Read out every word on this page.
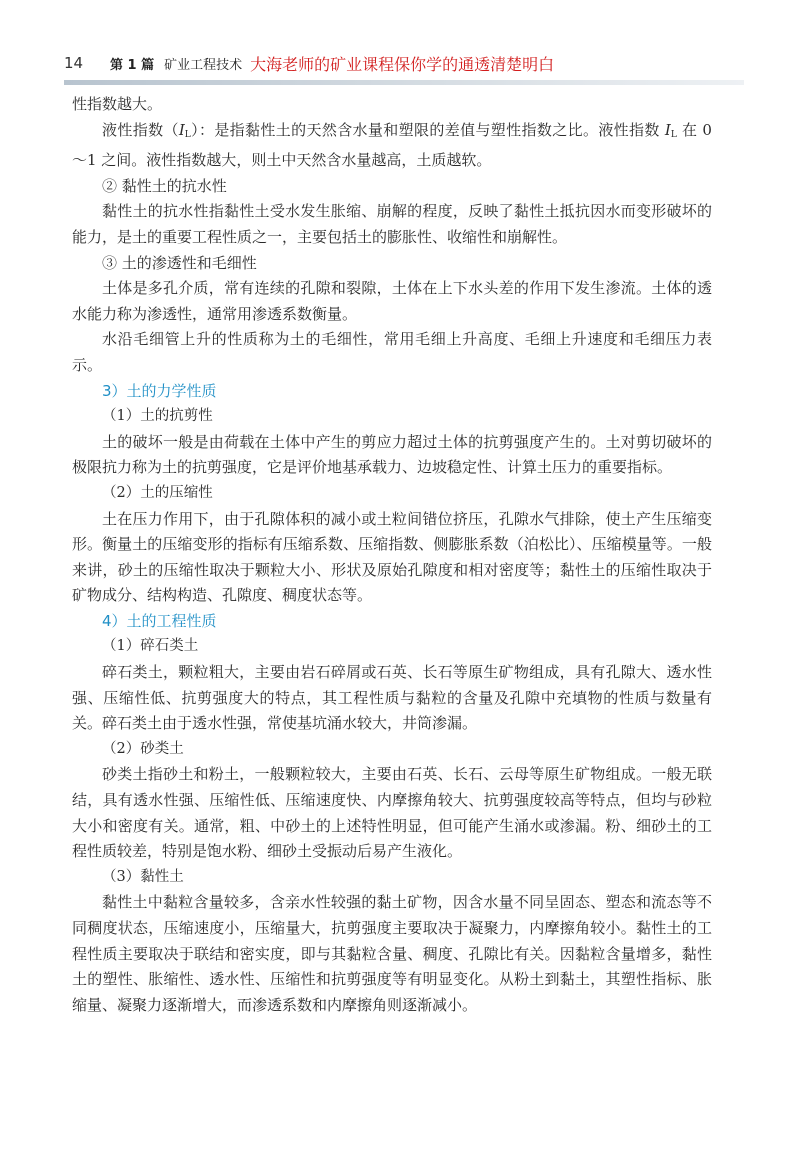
14	第 1 篇 矿业工程技术 大海老师的矿业课程保你学的通透清楚明白

性指数越大。

液性指数（IL）：是指黏性土的天然含水量和塑限的差值与塑性指数之比。液性指数 IL 在 0～1 之间。液性指数越大，则土中天然含水量越高，土质越软。

② 黏性土的抗水性

黏性土的抗水性指黏性土受水发生胀缩、崩解的程度，反映了黏性土抵抗因水而变形破坏的能力，是土的重要工程性质之一，主要包括土的膨胀性、收缩性和崩解性。

③ 土的渗透性和毛细性

土体是多孔介质，常有连续的孔隙和裂隙，土体在上下水头差的作用下发生渗流。土体的透水能力称为渗透性，通常用渗透系数衡量。

水沿毛细管上升的性质称为土的毛细性，常用毛细上升高度、毛细上升速度和毛细压力表示。

3）土的力学性质

（1）土的抗剪性

土的破坏一般是由荷载在土体中产生的剪应力超过土体的抗剪强度产生的。土对剪切破坏的极限抗力称为土的抗剪强度，它是评价地基承载力、边坡稳定性、计算土压力的重要指标。

（2）土的压缩性

土在压力作用下，由于孔隙体积的减小或土粒间错位挤压，孔隙水气排除，使土产生压缩变形。衡量土的压缩变形的指标有压缩系数、压缩指数、侧膨胀系数（泊松比）、压缩模量等。一般来讲，砂土的压缩性取决于颗粒大小、形状及原始孔隙度和相对密度等；黏性土的压缩性取决于矿物成分、结构构造、孔隙度、稠度状态等。

4）土的工程性质

（1）碎石类土

碎石类土，颗粒粗大，主要由岩石碎屑或石英、长石等原生矿物组成，具有孔隙大、透水性强、压缩性低、抗剪强度大的特点，其工程性质与黏粒的含量及孔隙中充填物的性质与数量有关。碎石类土由于透水性强，常使基坑涌水较大，井筒渗漏。

（2）砂类土

砂类土指砂土和粉土，一般颗粒较大，主要由石英、长石、云母等原生矿物组成。一般无联结，具有透水性强、压缩性低、压缩速度快、内摩擦角较大、抗剪强度较高等特点，但均与砂粒大小和密度有关。通常，粗、中砂土的上述特性明显，但可能产生涌水或渗漏。粉、细砂土的工程性质较差，特别是饱水粉、细砂土受振动后易产生液化。

（3）黏性土

黏性土中黏粒含量较多，含亲水性较强的黏土矿物，因含水量不同呈固态、塑态和流态等不同稠度状态，压缩速度小，压缩量大，抗剪强度主要取决于凝聚力，内摩擦角较小。黏性土的工程性质主要取决于联结和密实度，即与其黏粒含量、稠度、孔隙比有关。因黏粒含量增多，黏性土的塑性、胀缩性、透水性、压缩性和抗剪强度等有明显变化。从粉土到黏土，其塑性指标、胀缩量、凝聚力逐渐增大，而渗透系数和内摩擦角则逐渐减小。
